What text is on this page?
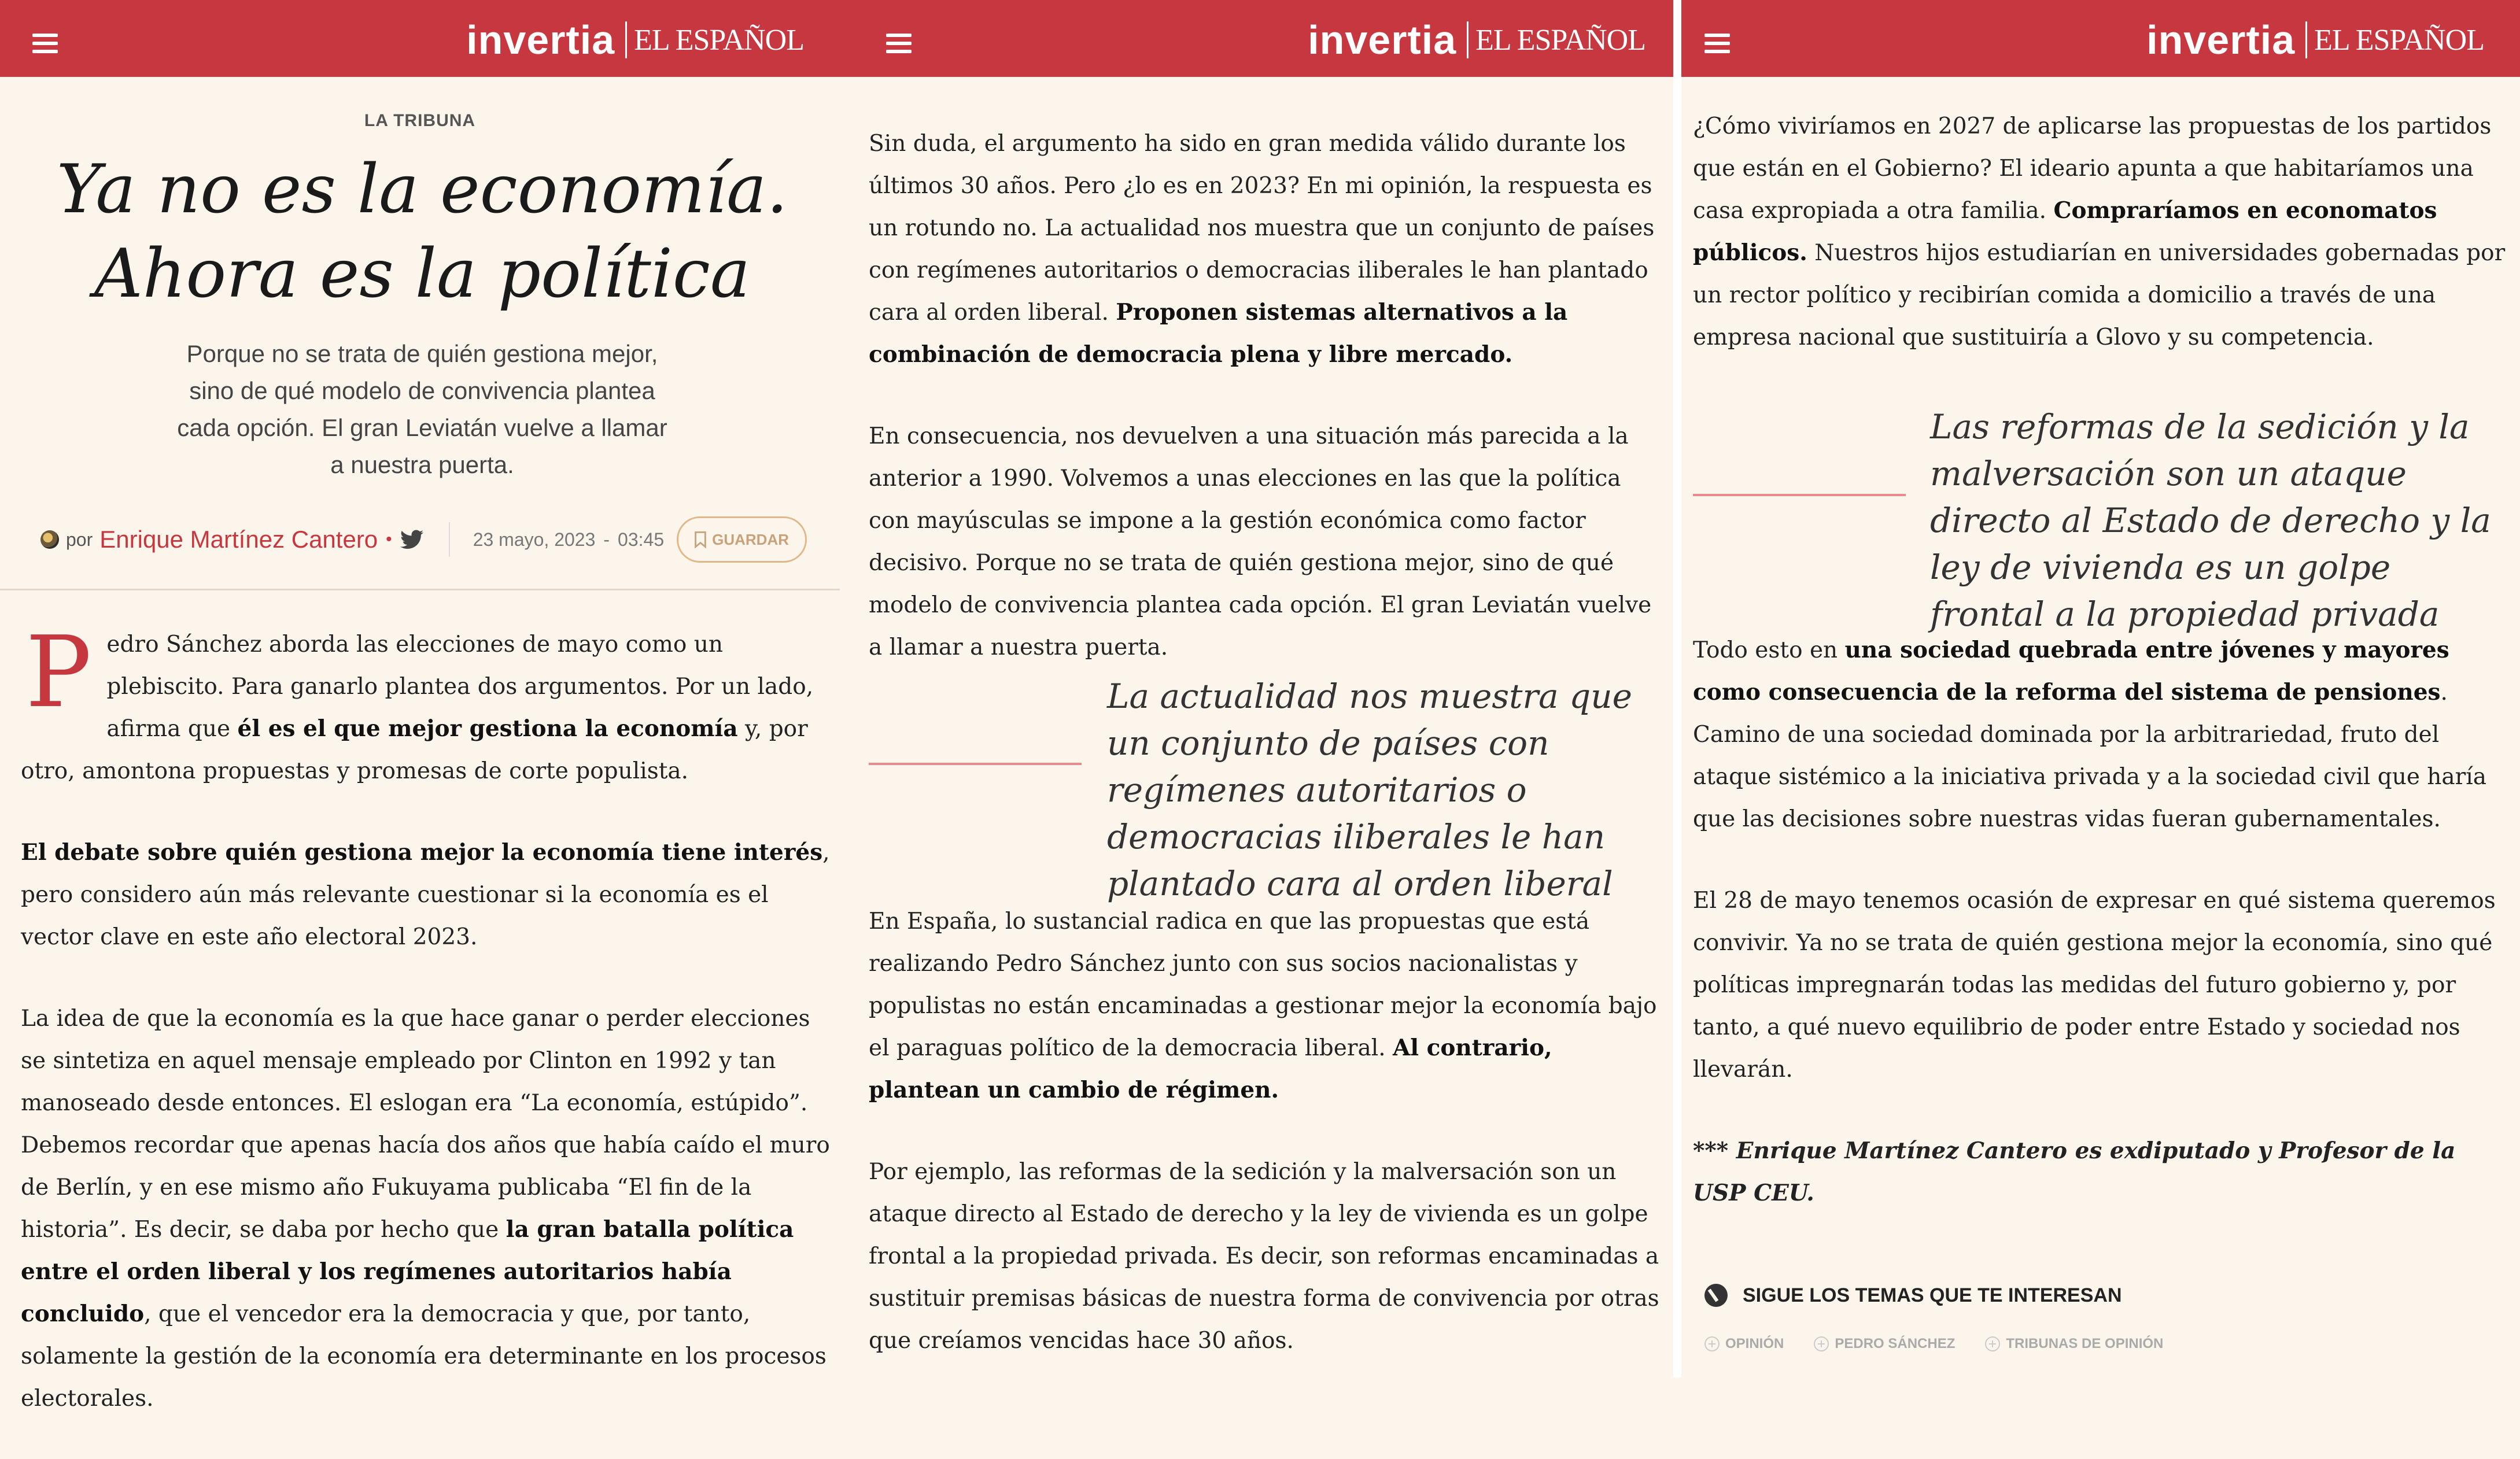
invertia EL ESPAÑOL
LA TRIBUNA
Ya no es la economía. Ahora es la política
Porque no se trata de quién gestiona mejor, sino de qué modelo de convivencia plantea cada opción. El gran Leviatán vuelve a llamar a nuestra puerta.
por Enrique Martínez Cantero •	23 mayo, 2023 - 03:45	GUARDAR

Pedro Sánchez aborda las elecciones de mayo como un plebiscito. Para ganarlo plantea dos argumentos. Por un lado, afirma que él es el que mejor gestiona la economía y, por otro, amontona propuestas y promesas de corte populista.

El debate sobre quién gestiona mejor la economía tiene interés, pero considero aún más relevante cuestionar si la economía es el vector clave en este año electoral 2023.

La idea de que la economía es la que hace ganar o perder elecciones se sintetiza en aquel mensaje empleado por Clinton en 1992 y tan manoseado desde entonces. El eslogan era “La economía, estúpido”. Debemos recordar que apenas hacía dos años que había caído el muro de Berlín, y en ese mismo año Fukuyama publicaba “El fin de la historia”. Es decir, se daba por hecho que la gran batalla política entre el orden liberal y los regímenes autoritarios había concluido, que el vencedor era la democracia y que, por tanto, solamente la gestión de la economía era determinante en los procesos electorales.

invertia EL ESPAÑOL

Sin duda, el argumento ha sido en gran medida válido durante los últimos 30 años. Pero ¿lo es en 2023? En mi opinión, la respuesta es un rotundo no. La actualidad nos muestra que un conjunto de países con regímenes autoritarios o democracias iliberales le han plantado cara al orden liberal. Proponen sistemas alternativos a la combinación de democracia plena y libre mercado.

En consecuencia, nos devuelven a una situación más parecida a la anterior a 1990. Volvemos a unas elecciones en las que la política con mayúsculas se impone a la gestión económica como factor decisivo. Porque no se trata de quién gestiona mejor, sino de qué modelo de convivencia plantea cada opción. El gran Leviatán vuelve a llamar a nuestra puerta.

La actualidad nos muestra que un conjunto de países con regímenes autoritarios o democracias iliberales le han plantado cara al orden liberal

En España, lo sustancial radica en que las propuestas que está realizando Pedro Sánchez junto con sus socios nacionalistas y populistas no están encaminadas a gestionar mejor la economía bajo el paraguas político de la democracia liberal. Al contrario, plantean un cambio de régimen.

Por ejemplo, las reformas de la sedición y la malversación son un ataque directo al Estado de derecho y la ley de vivienda es un golpe frontal a la propiedad privada. Es decir, son reformas encaminadas a sustituir premisas básicas de nuestra forma de convivencia por otras que creíamos vencidas hace 30 años.

invertia EL ESPAÑOL

¿Cómo viviríamos en 2027 de aplicarse las propuestas de los partidos que están en el Gobierno? El ideario apunta a que habitaríamos una casa expropiada a otra familia. Compraríamos en economatos públicos. Nuestros hijos estudiarían en universidades gobernadas por un rector político y recibirían comida a domicilio a través de una empresa nacional que sustituiría a Glovo y su competencia.

Las reformas de la sedición y la malversación son un ataque directo al Estado de derecho y la ley de vivienda es un golpe frontal a la propiedad privada

Todo esto en una sociedad quebrada entre jóvenes y mayores como consecuencia de la reforma del sistema de pensiones. Camino de una sociedad dominada por la arbitrariedad, fruto del ataque sistémico a la iniciativa privada y a la sociedad civil que haría que las decisiones sobre nuestras vidas fueran gubernamentales.

El 28 de mayo tenemos ocasión de expresar en qué sistema queremos convivir. Ya no se trata de quién gestiona mejor la economía, sino qué políticas impregnarán todas las medidas del futuro gobierno y, por tanto, a qué nuevo equilibrio de poder entre Estado y sociedad nos llevarán.

*** Enrique Martínez Cantero es exdiputado y Profesor de la USP CEU.

SIGUE LOS TEMAS QUE TE INTERESAN
OPINIÓN	PEDRO SÁNCHEZ	TRIBUNAS DE OPINIÓN
